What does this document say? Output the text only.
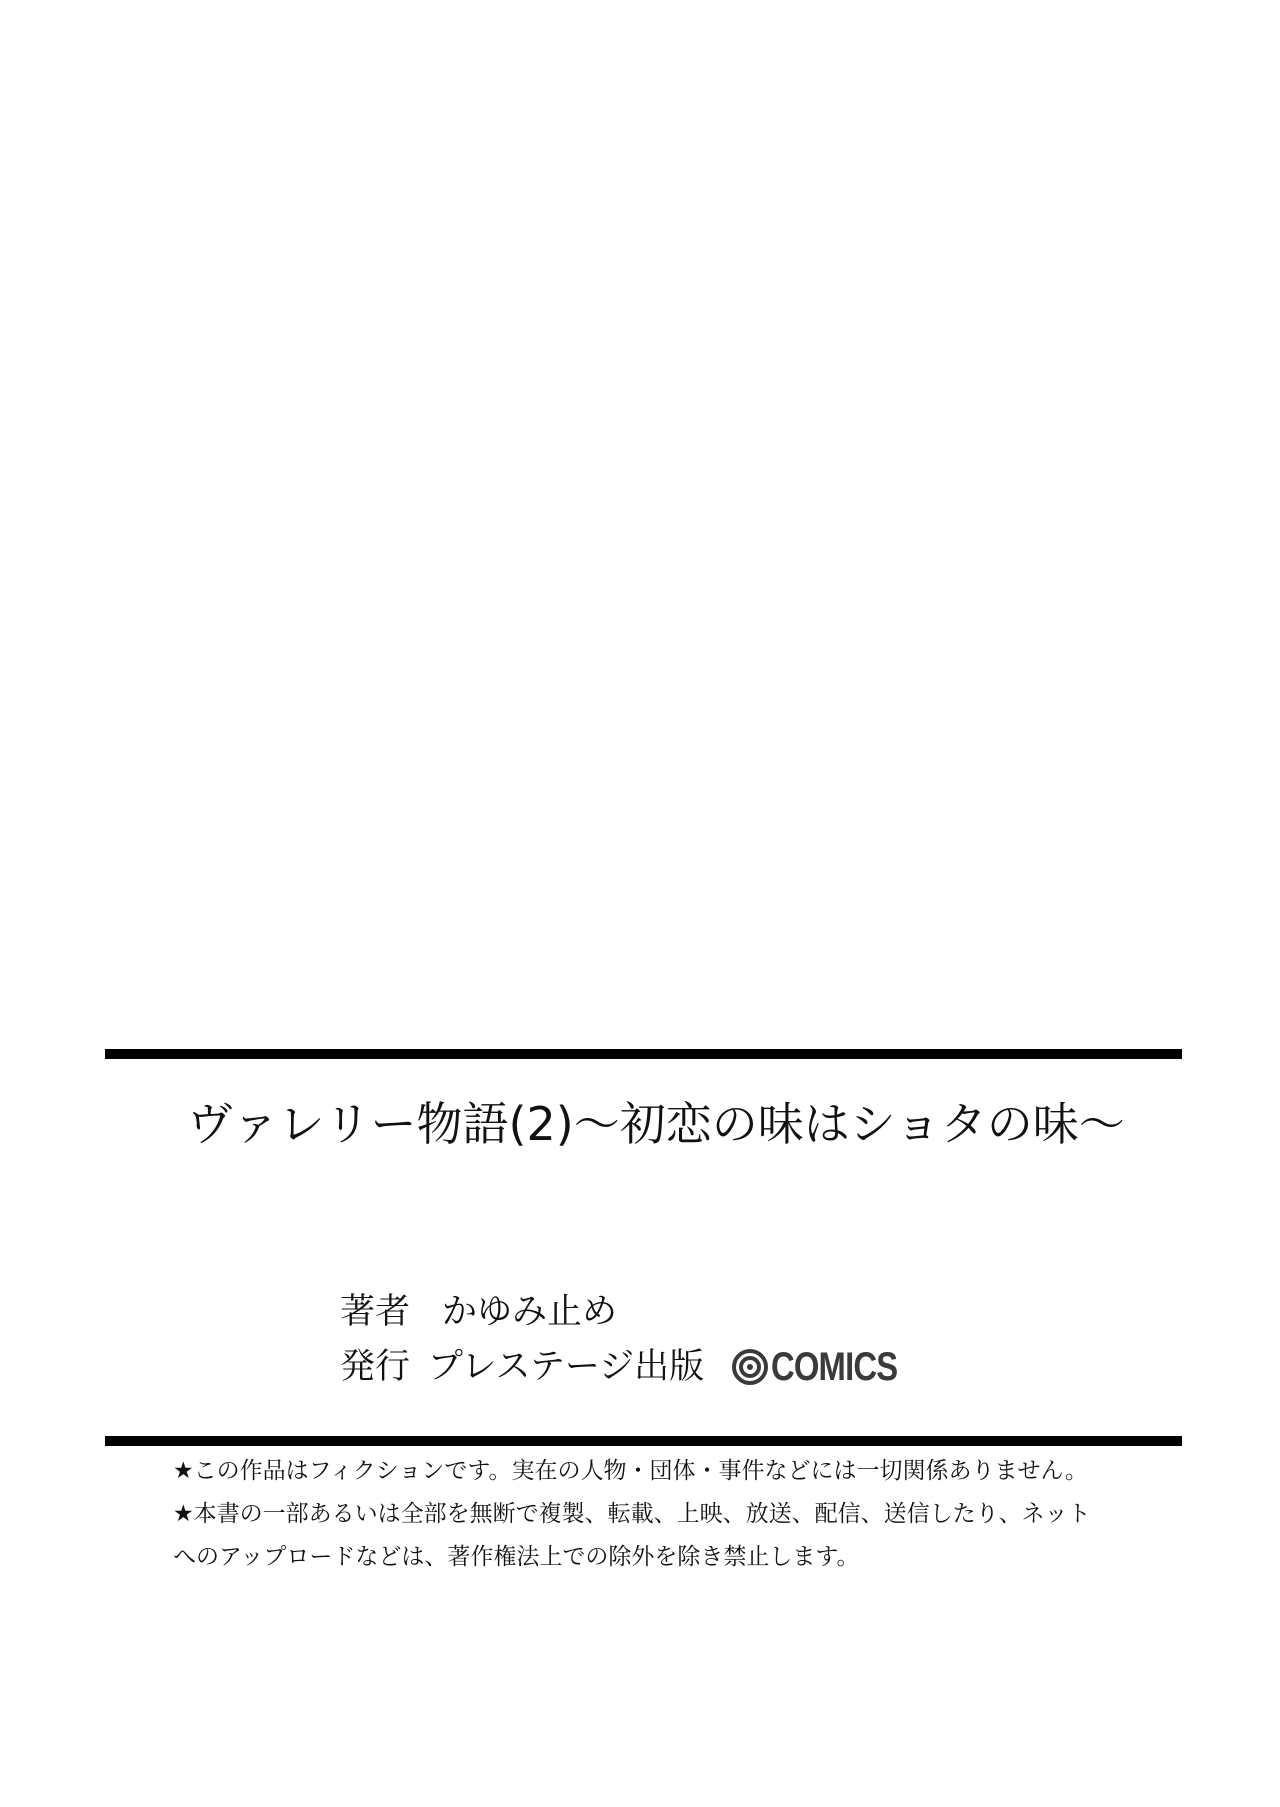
ヴァレリー物語(2)〜初恋の味はショタの味〜
著者 かゆみ止め
発行 プレステージ出版 COMICS
★この作品はフィクションです。実在の人物・団体・事件などには一切関係ありません。
★本書の一部あるいは全部を無断で複製、転載、上映、放送、配信、送信したり、ネット
へのアップロードなどは、著作権法上での除外を除き禁止します。
